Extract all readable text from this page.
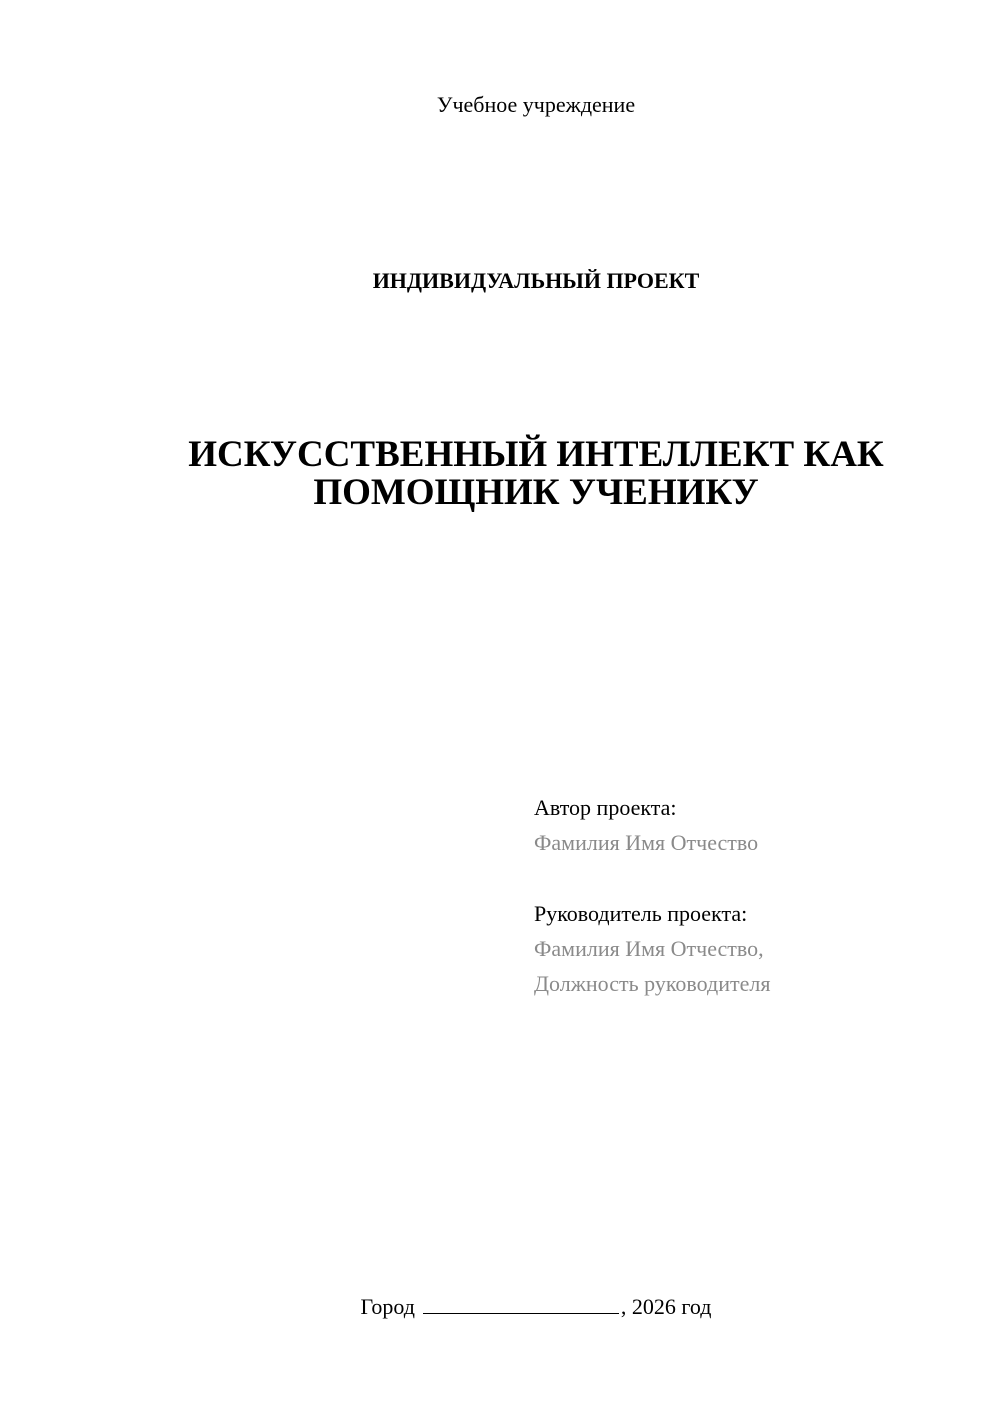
Учебное учреждение
ИНДИВИДУАЛЬНЫЙ ПРОЕКТ
ИСКУССТВЕННЫЙ ИНТЕЛЛЕКТ КАК
ПОМОЩНИК УЧЕНИКУ
Автор проекта:
Фамилия Имя Отчество
Руководитель проекта:
Фамилия Имя Отчество,
Должность руководителя
Город	, 2026 год
